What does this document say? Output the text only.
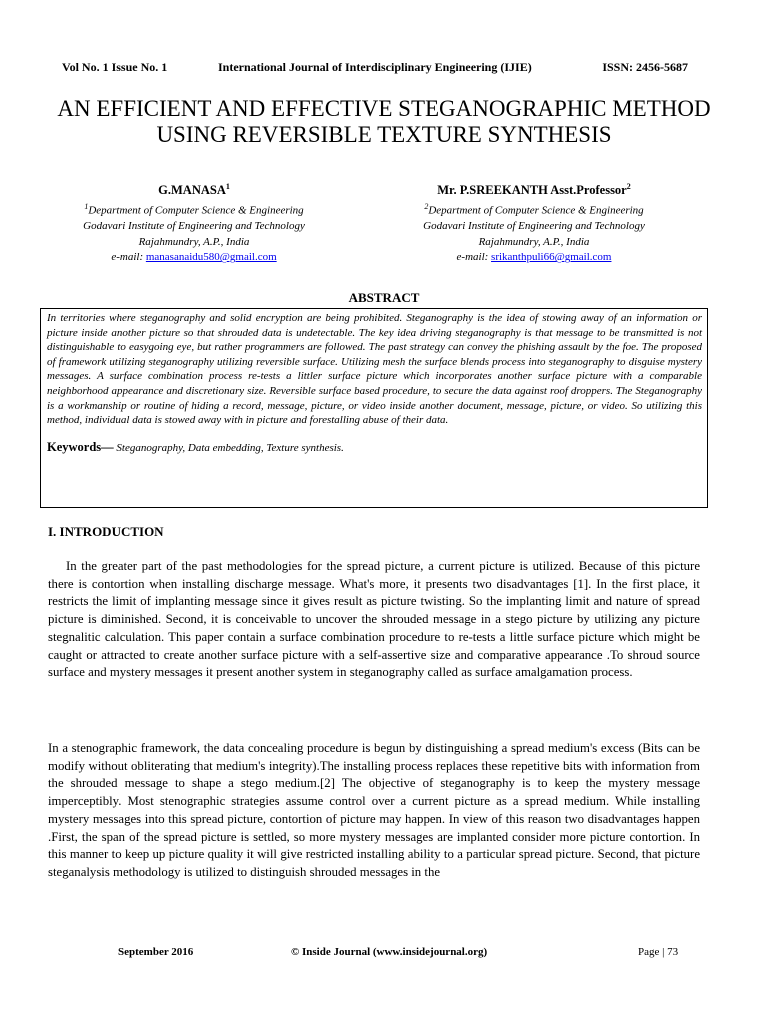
Vol No. 1 Issue No. 1	International Journal of Interdisciplinary Engineering (IJIE)	ISSN: 2456-5687
AN EFFICIENT AND EFFECTIVE STEGANOGRAPHIC METHOD
USING REVERSIBLE TEXTURE SYNTHESIS
G.MANASA$^1$
$^1$Department of Computer Science & Engineering
Godavari Institute of Engineering and Technology
Rajahmundry, A.P., India
e-mail: manasanaidu580@gmail.com
Mr. P.SREEKANTH Asst.Professor$^2$
$^2$Department of Computer Science & Engineering
Godavari Institute of Engineering and Technology
Rajahmundry, A.P., India
e-mail: srikanthpuli66@gmail.com
ABSTRACT

In territories where steganography and solid encryption are being prohibited. Steganography is the idea of stowing away of an information or picture inside another picture so that shrouded data is undetectable. The key idea driving steganography is that message to be transmitted is not distinguishable to easygoing eye, but rather programmers are followed. The past strategy can convey the phishing assault by the foe. The proposed of framework utilizing steganography utilizing reversible surface. Utilizing mesh the surface blends process into steganography to disguise mystery messages. A surface combination process re-tests a littler surface picture which incorporates another surface picture with a comparable neighborhood appearance and discretionary size. Reversible surface based procedure, to secure the data against roof droppers. The Steganography is a workmanship or routine of hiding a record, message, picture, or video inside another document, message, picture, or video. So utilizing this method, individual data is stowed away with in picture and forestalling abuse of their data.

Keywords— Steganography, Data embedding, Texture synthesis.
I. INTRODUCTION

In the greater part of the past methodologies for the spread picture, a current picture is utilized. Because of this picture there is contortion when installing discharge message. What's more, it presents two disadvantages [1]. In the first place, it restricts the limit of implanting message since it gives result as picture twisting. So the implanting limit and nature of spread picture is diminished. Second, it is conceivable to uncover the shrouded message in a stego picture by utilizing any picture stegnalitic calculation. This paper contain a surface combination procedure to re-tests a little surface picture which might be caught or attracted to create another surface picture with a self-assertive size and comparative appearance .To shroud source surface and mystery messages it present another system in steganography called as surface amalgamation process.

In a stenographic framework, the data concealing procedure is begun by distinguishing a spread medium's excess (Bits can be modify without obliterating that medium's integrity).The installing process replaces these repetitive bits with information from the shrouded message to shape a stego medium.[2] The objective of steganography is to keep the mystery message imperceptibly. Most stenographic strategies assume control over a current picture as a spread medium. While installing mystery messages into this spread picture, contortion of picture may happen. In view of this reason two disadvantages happen .First, the span of the spread picture is settled, so more mystery messages are implanted consider more picture contortion. In this manner to keep up picture quality it will give restricted installing ability to a particular spread picture. Second, that picture steganalysis methodology is utilized to distinguish shrouded messages in the

September 2016	© Inside Journal (www.insidejournal.org)	Page | 73
